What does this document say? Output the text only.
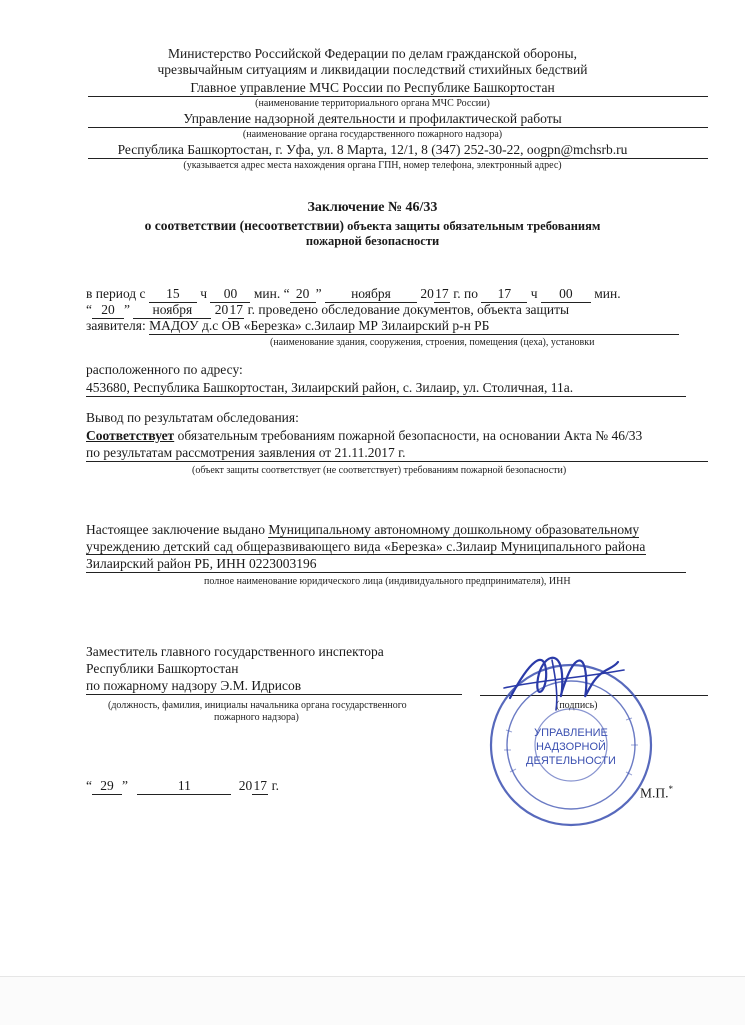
Министерство Российской Федерации по делам гражданской обороны,
чрезвычайным ситуациям и ликвидации последствий стихийных бедствий
Главное управление МЧС России по Республике Башкортостан
(наименование территориального органа МЧС России)
Управление надзорной деятельности и профилактической работы
(наименование органа государственного пожарного надзора)
Республика Башкортостан, г. Уфа, ул. 8 Марта, 12/1, 8 (347) 252-30-22, oogpn@mchsrb.ru
(указывается адрес места нахождения органа ГПН, номер телефона, электронный адрес)
Заключение № 46/33
о соответствии (несоответствии) объекта защиты обязательным требованиям
пожарной безопасности
в период с 15 ч 00 мин. “ 20 ” ноября 2017 г. по 17 ч 00 мин.
“ 20 ” ноября 2017 г. проведено обследование документов, объекта защиты
заявителя: МАДОУ д.с ОВ «Березка» с.Зилаир МР Зилаирский р-н РБ
(наименование здания, сооружения, строения, помещения (цеха), установки
расположенного по адресу:
453680, Республика Башкортостан, Зилаирский район, с. Зилаир, ул. Столичная, 11а.
Вывод по результатам обследования:
Соответствует обязательным требованиям пожарной безопасности, на основании Акта № 46/33
по результатам рассмотрения заявления от 21.11.2017 г.
(объект защиты соответствует (не соответствует) требованиям пожарной безопасности)
Настоящее заключение выдано Муниципальному автономному дошкольному образовательному
учреждению детский сад общеразвивающего вида «Березка» с.Зилаир Муниципального района
Зилаирский район РБ, ИНН 0223003196
полное наименование юридического лица (индивидуального предпринимателя), ИНН
Заместитель главного государственного инспектора
Республики Башкортостан
по пожарному надзору Э.М. Идрисов
(должность, фамилия, инициалы начальника органа государственного
пожарного надзора)
(подпись)
УПРАВЛЕНИЕ
НАДЗОРНОЙ
ДЕЯТЕЛЬНОСТИ
“ 29 ”	11	2017 г.	М.П.*
